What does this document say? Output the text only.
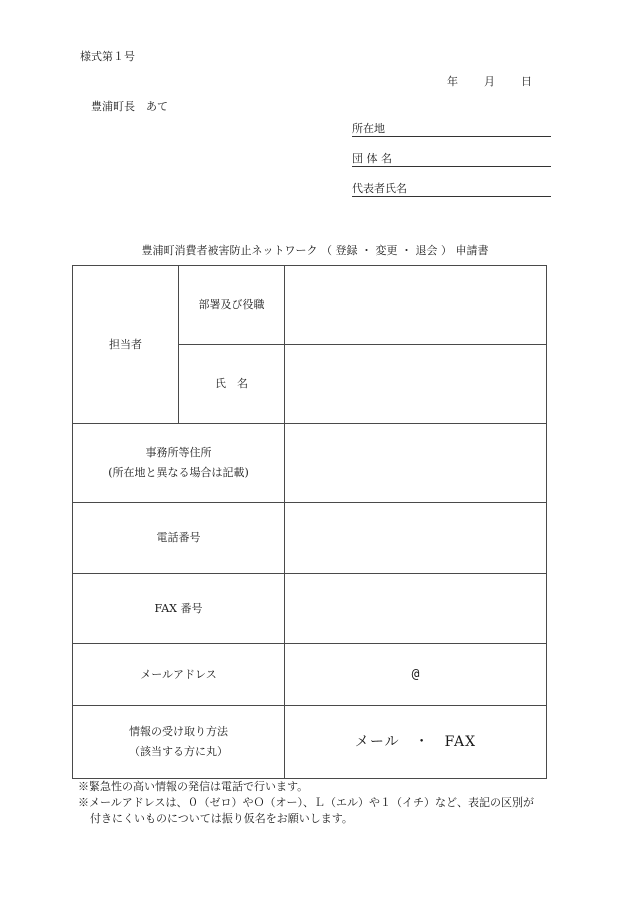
様式第１号
年 月 日
豊浦町長　あて
所在地
団 体 名
代表者氏名
豊浦町消費者被害防止ネットワーク （ 登録 ・ 変更 ・ 退会 ） 申請書
担当者	部署及び役職	
	氏　名	

事務所等住所
(所在地と異なる場合は記載)		

電話番号		
FAX 番号		
メールアドレス		@

情報の受け取り方法
（該当する方に丸）		メール　・　FAX
※緊急性の高い情報の発信は電話で行います。
※メールアドレスは、０（ゼロ）やＯ（オー）、Ｌ（エル）や１（イチ）など、表記の区別が
付きにくいものについては振り仮名をお願いします。
